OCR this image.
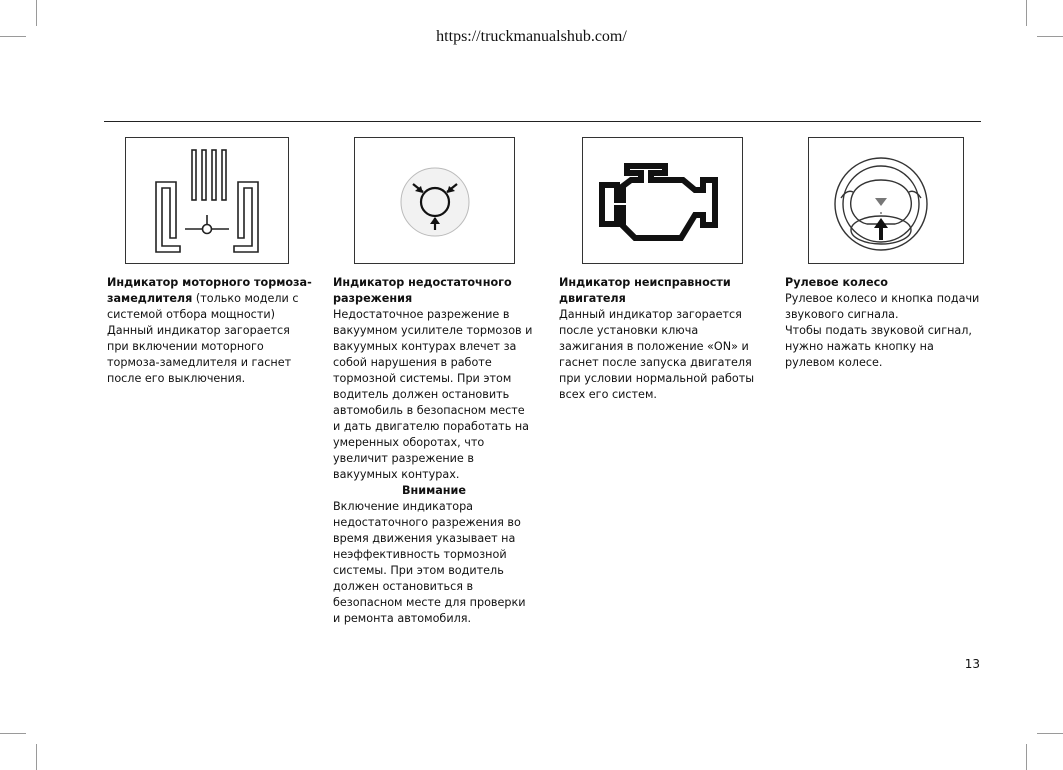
https://truckmanualshub.com/

Индикатор моторного тормоза-замедлителя (только модели с системой отбора мощности)

Данный индикатор загорается при включении моторного тормоза-замедлителя и гаснет после его выключения.

Индикатор недостаточного разрежения

Недостаточное разрежение в вакуумном усилителе тормозов и вакуумных контурах влечет за собой нарушения в работе тормозной системы. При этом водитель должен остановить автомобиль в безопасном месте и дать двигателю поработать на умеренных оборотах, что увеличит разрежение в вакуумных контурах.

Внимание

Включение индикатора недостаточного разрежения во время движения указывает на неэффективность тормозной системы. При этом водитель должен остановиться в безопасном месте для проверки и ремонта автомобиля.

Индикатор неисправности двигателя

Данный индикатор загорается после установки ключа зажигания в положение «ON» и гаснет после запуска двигателя при условии нормальной работы всех его систем.

Рулевое колесо

Рулевое колесо и кнопка подачи звукового сигнала.

Чтобы подать звуковой сигнал, нужно нажать кнопку на рулевом колесе.

13
